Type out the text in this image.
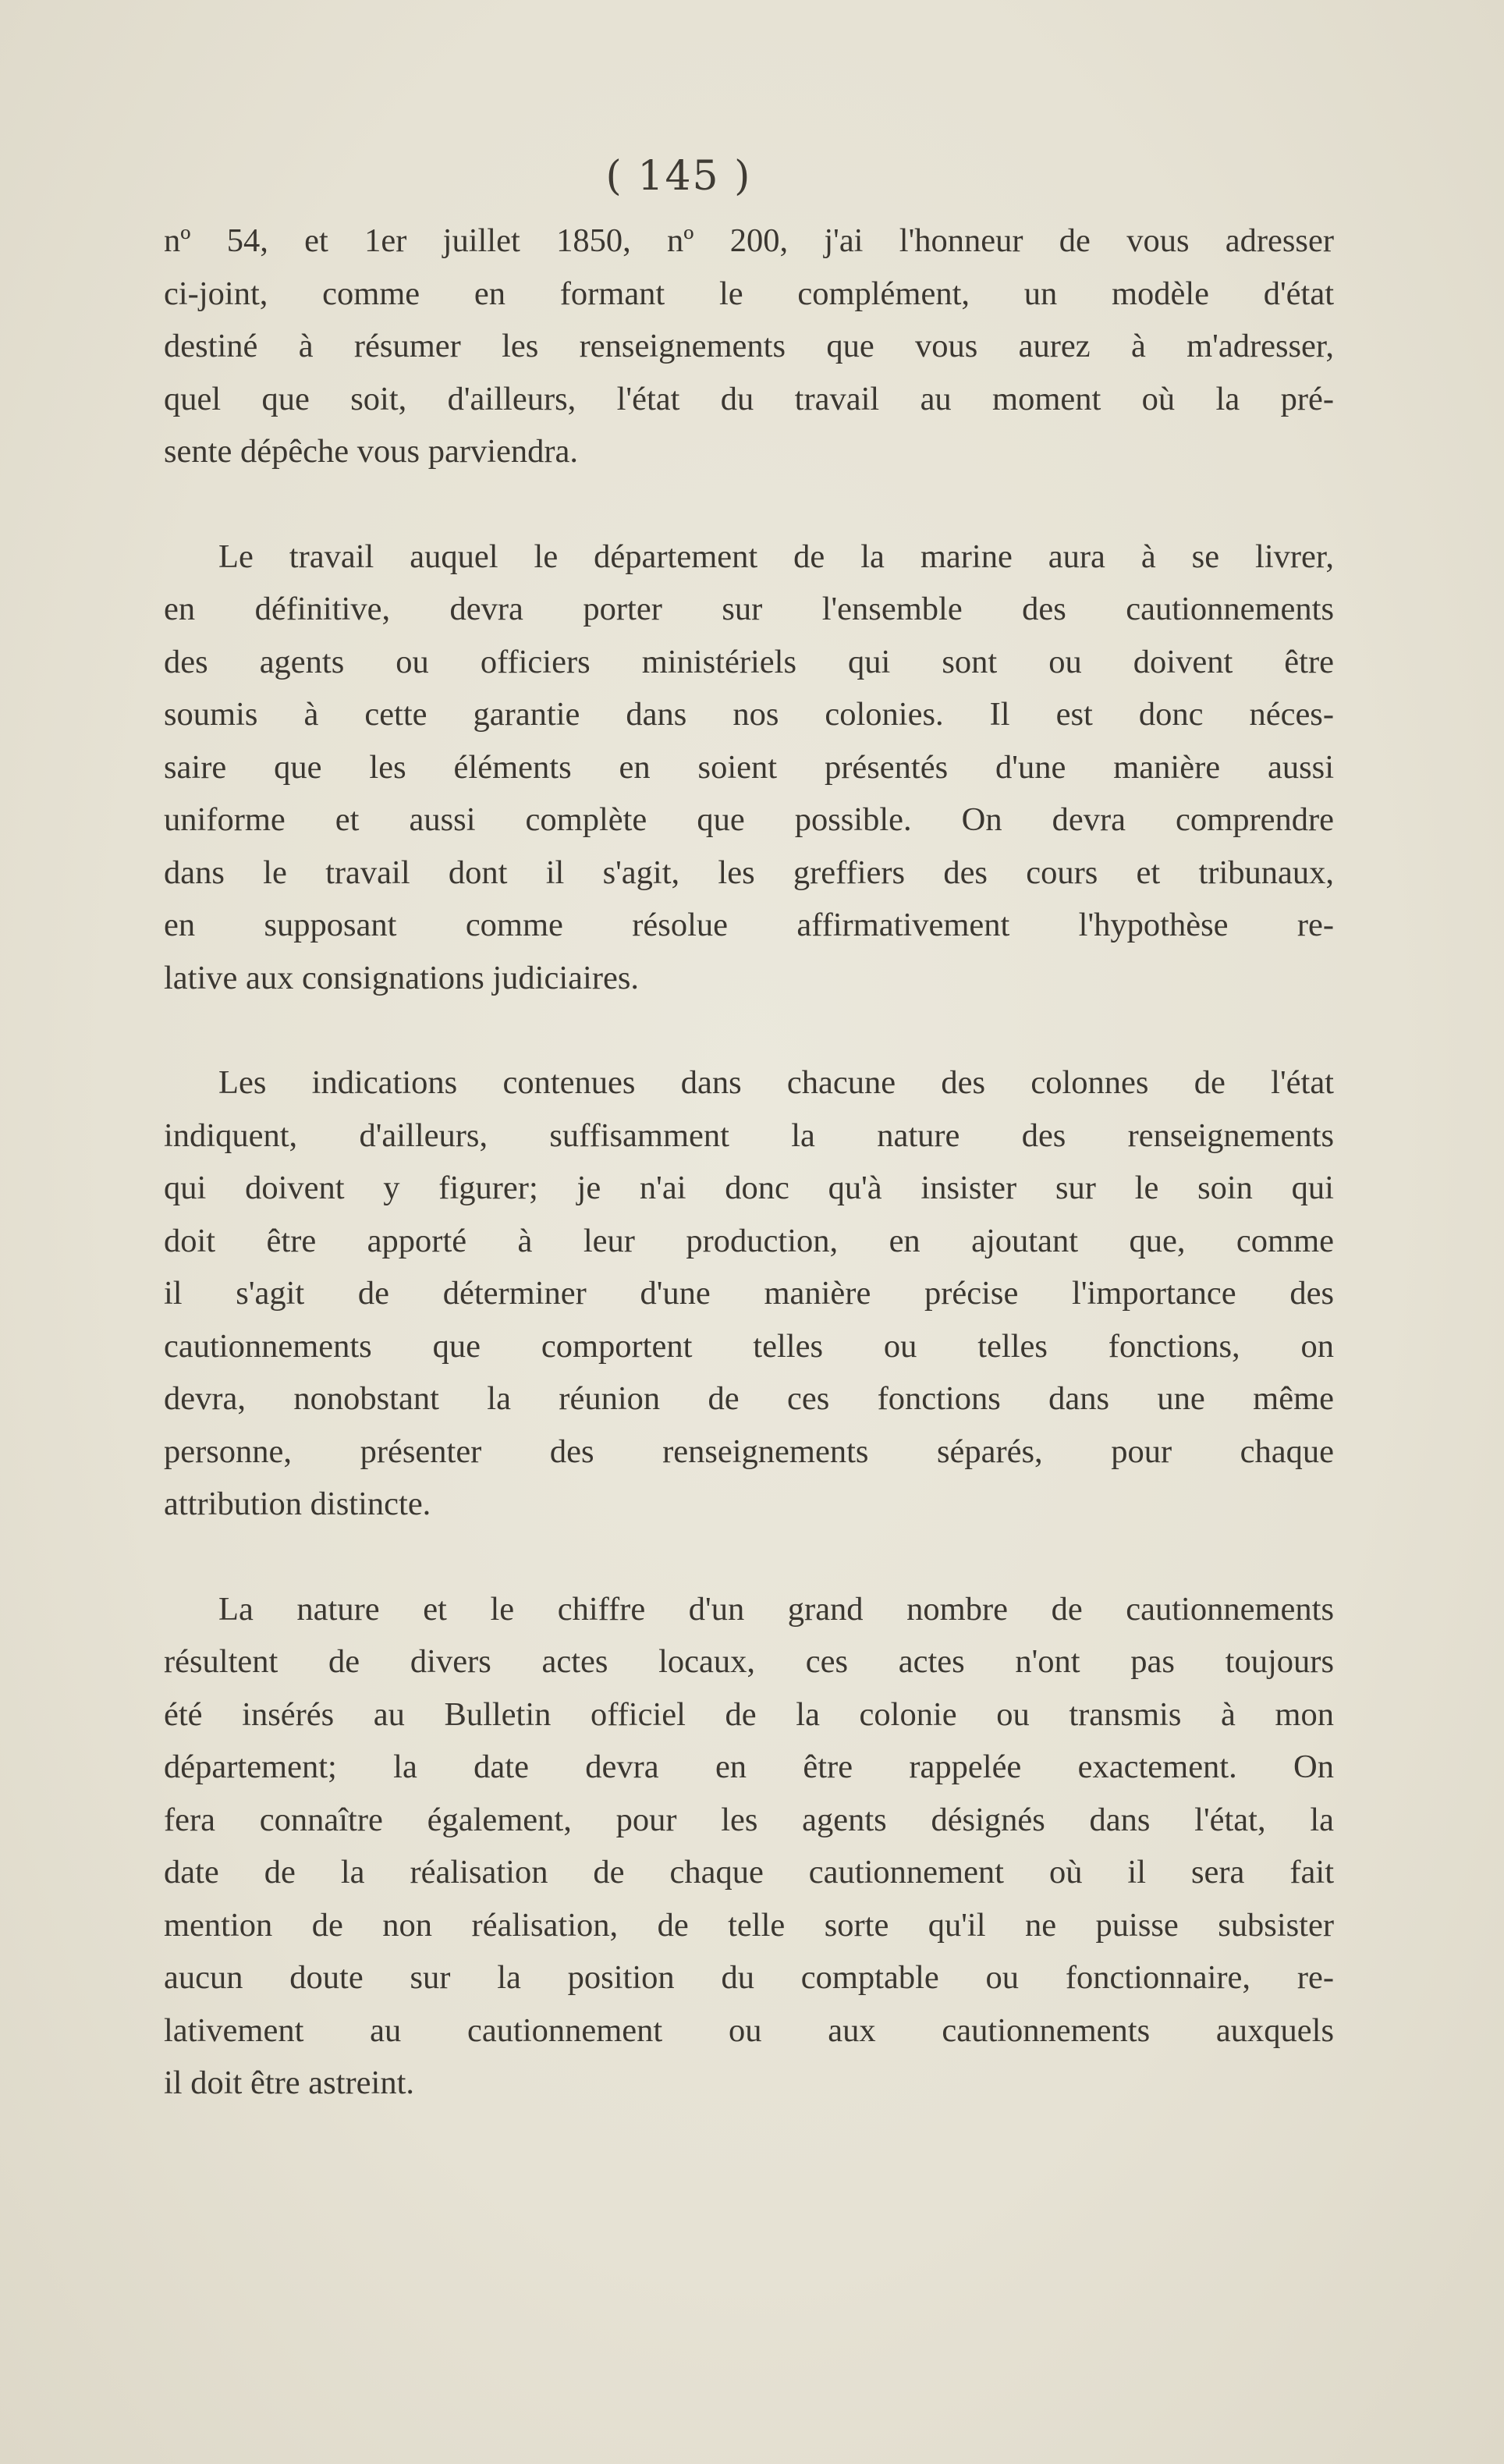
( 145 )

nº 54, et 1er juillet 1850, nº 200, j'ai l'honneur de vous adresser
ci-joint, comme en formant le complément, un modèle d'état
destiné à résumer les renseignements que vous aurez à m'adresser,
quel que soit, d'ailleurs, l'état du travail au moment où la pré-
sente dépêche vous parviendra.

Le travail auquel le département de la marine aura à se livrer,
en définitive, devra porter sur l'ensemble des cautionnements
des agents ou officiers ministériels qui sont ou doivent être
soumis à cette garantie dans nos colonies. Il est donc néces-
saire que les éléments en soient présentés d'une manière aussi
uniforme et aussi complète que possible. On devra comprendre
dans le travail dont il s'agit, les greffiers des cours et tribunaux,
en supposant comme résolue affirmativement l'hypothèse re-
lative aux consignations judiciaires.

Les indications contenues dans chacune des colonnes de l'état
indiquent, d'ailleurs, suffisamment la nature des renseignements
qui doivent y figurer; je n'ai donc qu'à insister sur le soin qui
doit être apporté à leur production, en ajoutant que, comme
il s'agit de déterminer d'une manière précise l'importance des
cautionnements que comportent telles ou telles fonctions, on
devra, nonobstant la réunion de ces fonctions dans une même
personne, présenter des renseignements séparés, pour chaque
attribution distincte.

La nature et le chiffre d'un grand nombre de cautionnements
résultent de divers actes locaux, ces actes n'ont pas toujours
été insérés au Bulletin officiel de la colonie ou transmis à mon
département; la date devra en être rappelée exactement. On
fera connaître également, pour les agents désignés dans l'état, la
date de la réalisation de chaque cautionnement où il sera fait
mention de non réalisation, de telle sorte qu'il ne puisse subsister
aucun doute sur la position du comptable ou fonctionnaire, re-
lativement au cautionnement ou aux cautionnements auxquels
il doit être astreint.
